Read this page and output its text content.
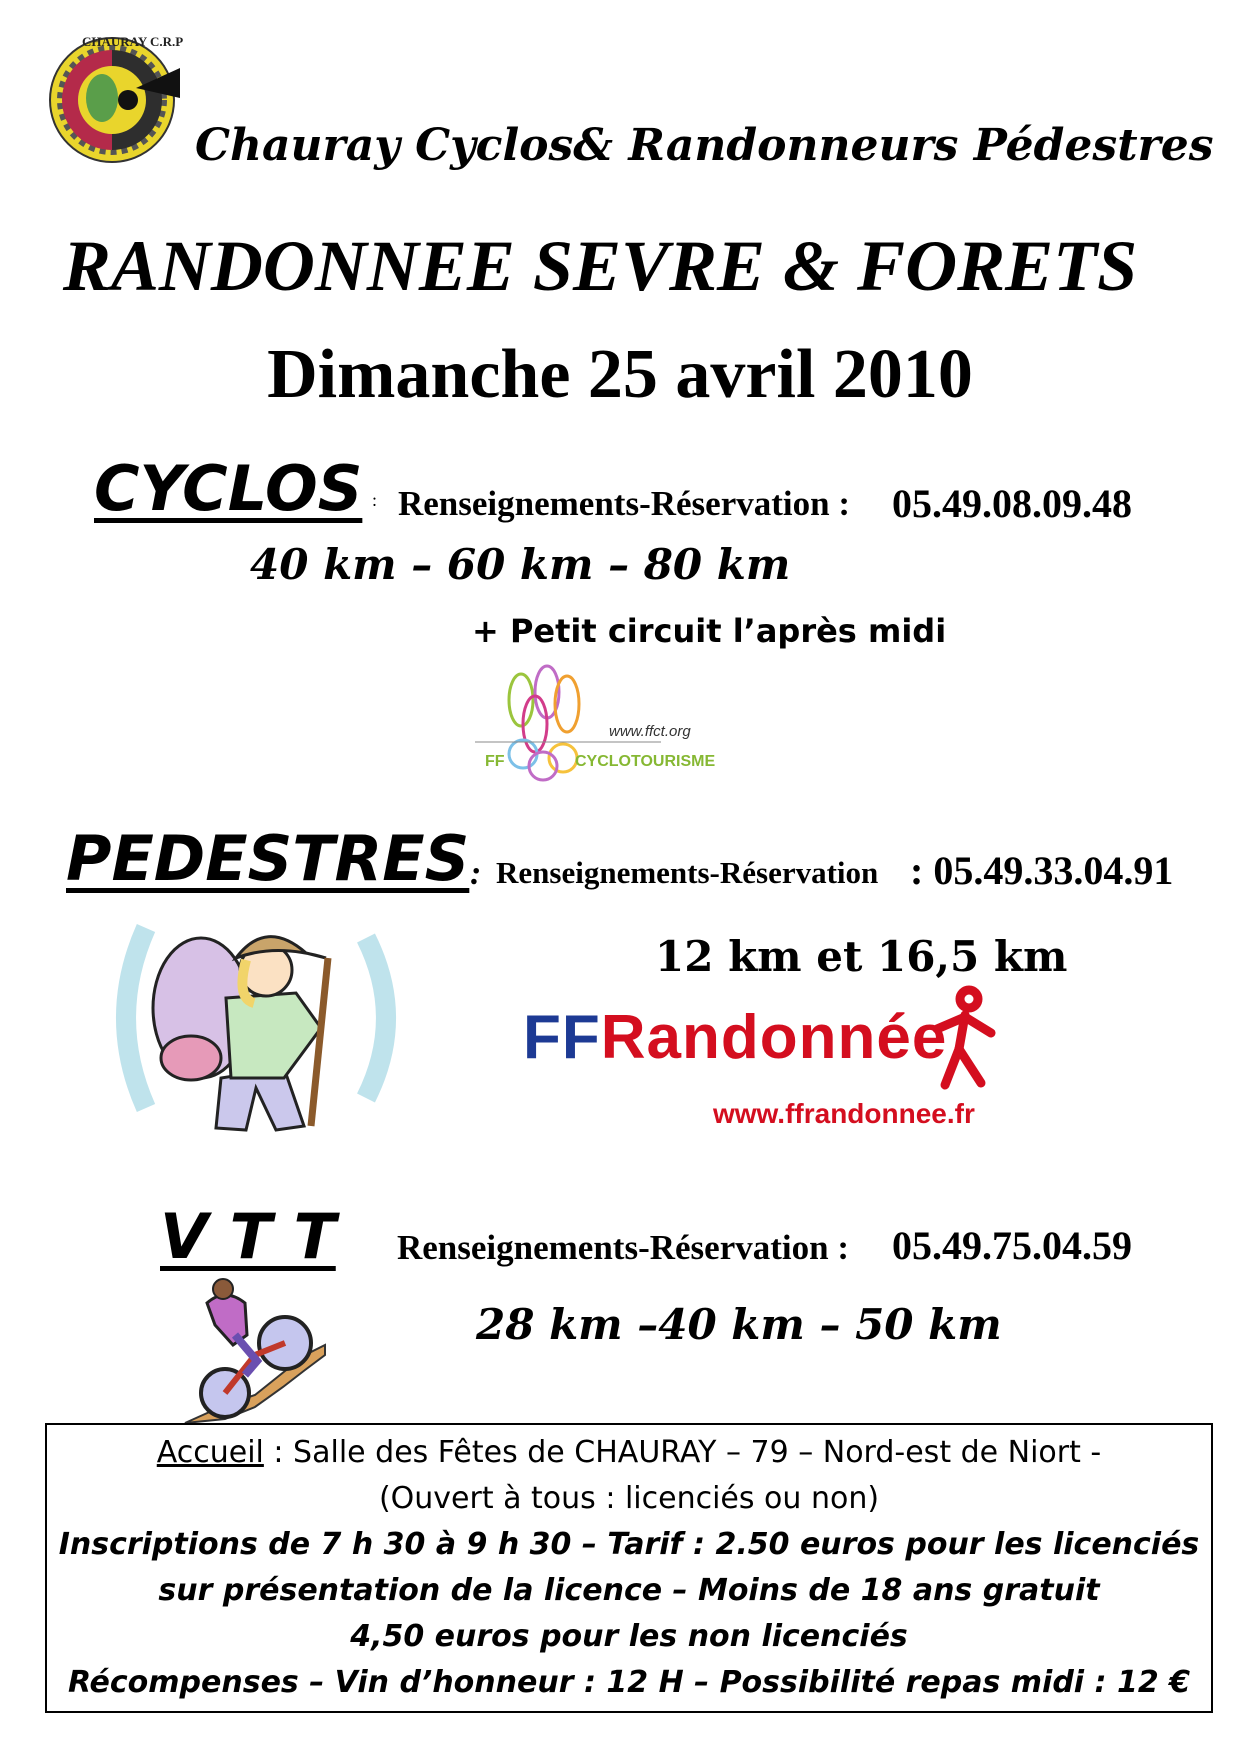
CHAURAY C.R.P
Chauray Cyclos& Randonneurs Pédestres
RANDONNEE SEVRE & FORETS
Dimanche 25 avril 2010
CYCLOS : Renseignements-Réservation : 05.49.08.09.48
40 km – 60 km – 80 km
+ Petit circuit l’après midi
www.ffct.org
FF	CYCLOTOURISME
PEDESTRES : Renseignements-Réservation : 05.49.33.04.91
12 km et 16,5 km
FFRandonnée
www.ffrandonnee.fr
V T T Renseignements-Réservation : 05.49.75.04.59
28 km –40 km – 50 km
Accueil : Salle des Fêtes de CHAURAY – 79 – Nord-est de Niort -
(Ouvert à tous : licenciés ou non)
Inscriptions de 7 h 30 à 9 h 30 – Tarif : 2.50 euros pour les licenciés
sur présentation de la licence – Moins de 18 ans gratuit
4,50 euros pour les non licenciés
Récompenses – Vin d’honneur : 12 H – Possibilité repas midi : 12 €
